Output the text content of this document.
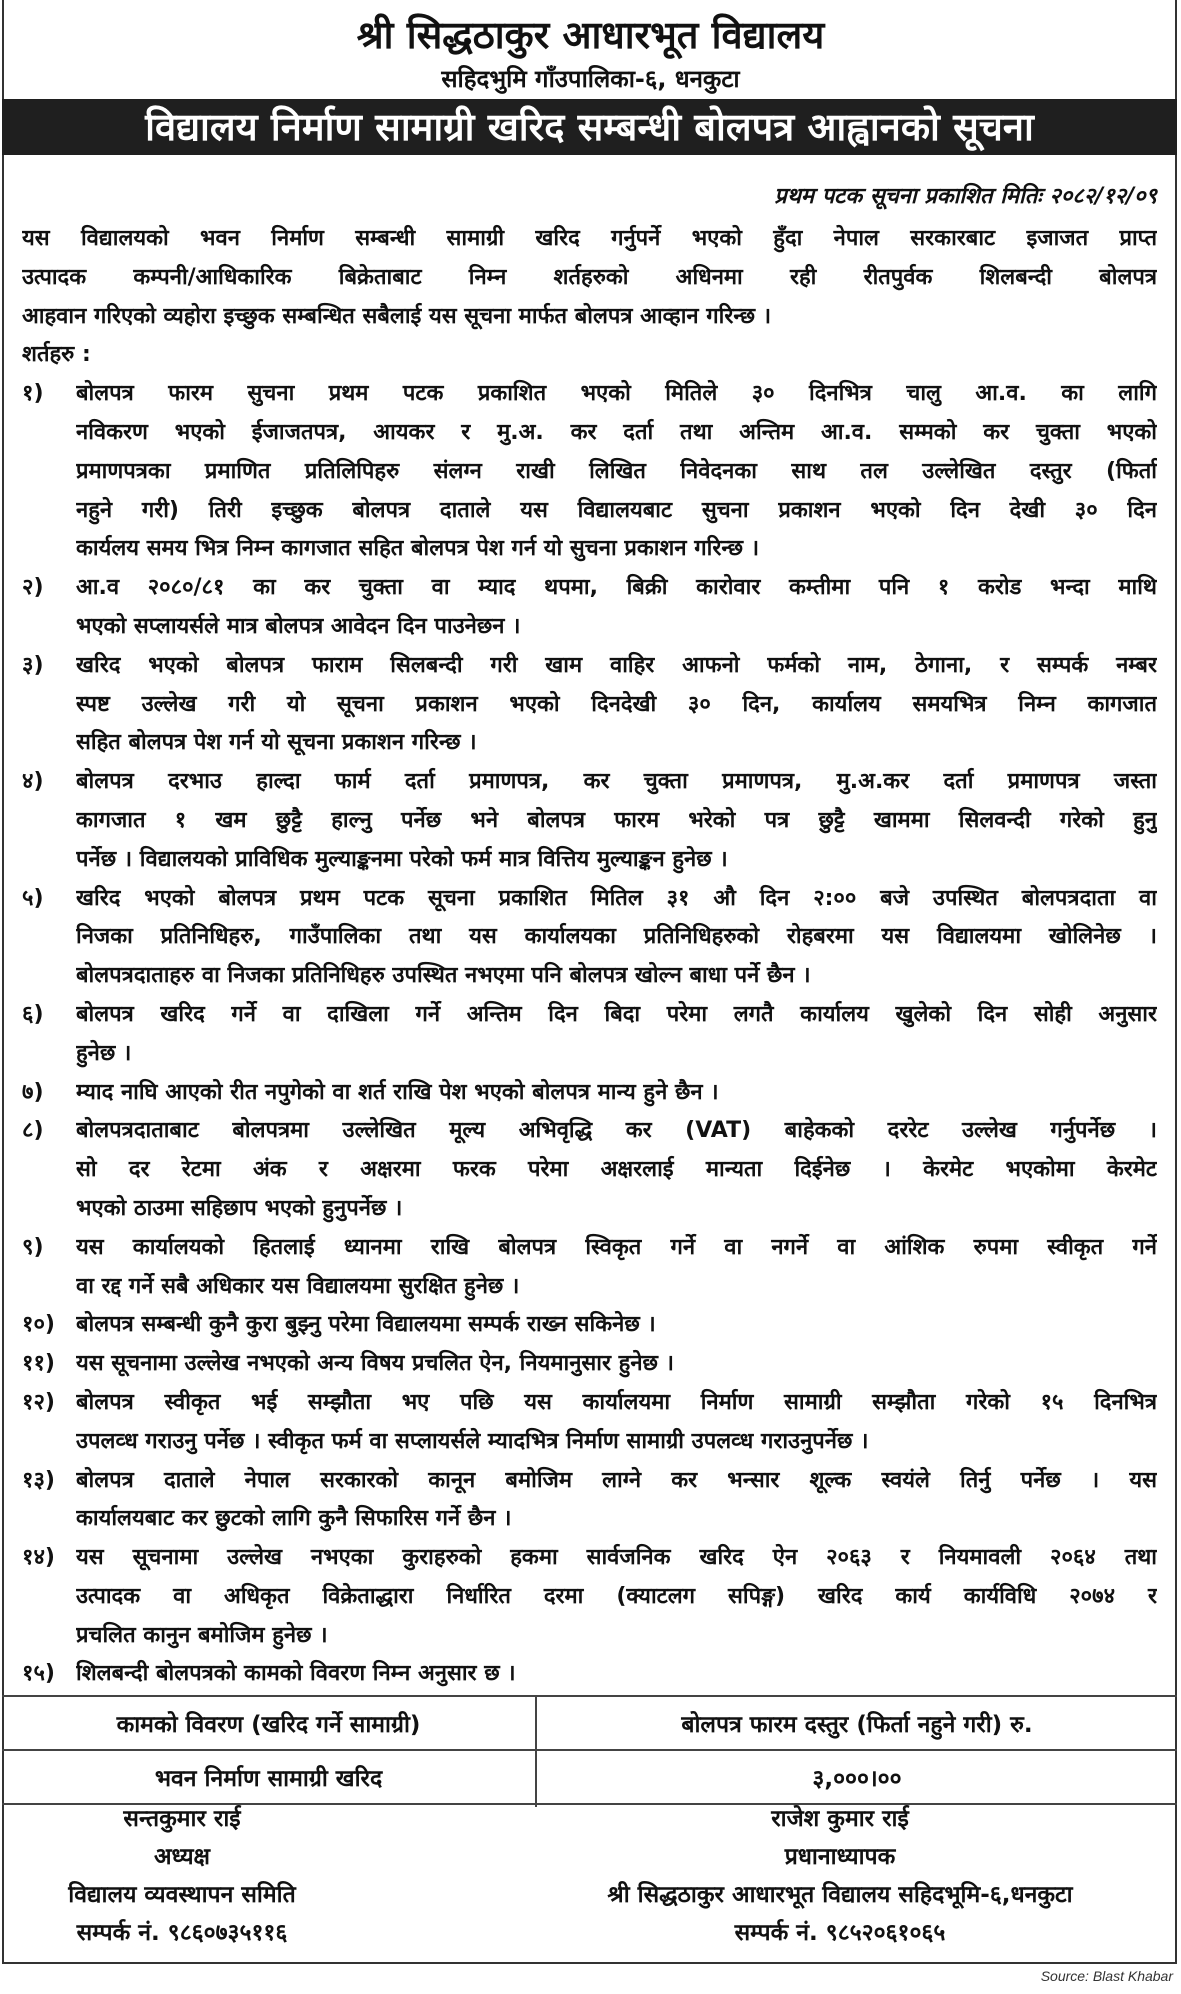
श्री सिद्धठाकुर आधारभूत विद्यालय
सहिदभुमि गाँउपालिका-६, धनकुटा
विद्यालय निर्माण सामाग्री खरिद सम्बन्धी बोलपत्र आह्वानको सूचना
प्रथम पटक सूचना प्रकाशित मितिः २०८२/१२/०९
यस विद्यालयको भवन निर्माण सम्बन्धी सामाग्री खरिद गर्नुपर्ने भएको हुँदा नेपाल सरकारबाट इजाजत प्राप्त
उत्पादक कम्पनी/आधिकारिक बिक्रेताबाट निम्न शर्तहरुको अधिनमा रही रीतपुर्वक शिलबन्दी बोलपत्र
आहवान गरिएको व्यहोरा इच्छुक सम्बन्धित सबैलाई यस सूचना मार्फत बोलपत्र आव्हान गरिन्छ ।
शर्तहरु :
१)	बोलपत्र फारम सुचना प्रथम पटक प्रकाशित भएको मितिले ३० दिनभित्र चालु आ.व. का लागि
नविकरण भएको ईजाजतपत्र, आयकर र मु.अ. कर दर्ता तथा अन्तिम आ.व. सम्मको कर चुक्ता भएको
प्रमाणपत्रका प्रमाणित प्रतिलिपिहरु संलग्न राखी लिखित निवेदनका साथ तल उल्लेखित दस्तुर (फिर्ता
नहुने गरी) तिरी इच्छुक बोलपत्र दाताले यस विद्यालयबाट सुचना प्रकाशन भएको दिन देखी ३० दिन
कार्यलय समय भित्र निम्न कागजात सहित बोलपत्र पेश गर्न यो सुचना प्रकाशन गरिन्छ ।
२)	आ.व २०८०/८१ का कर चुक्ता वा म्याद थपमा, बिक्री कारोवार कम्तीमा पनि १ करोड भन्दा माथि
भएको सप्लायर्सले मात्र बोलपत्र आवेदन दिन पाउनेछन ।
३)	खरिद भएको बोलपत्र फाराम सिलबन्दी गरी खाम वाहिर आफनो फर्मको नाम, ठेगाना, र सम्पर्क नम्बर
स्पष्ट उल्लेख गरी यो सूचना प्रकाशन भएको दिनदेखी ३० दिन, कार्यालय समयभित्र निम्न कागजात
सहित बोलपत्र पेश गर्न यो सूचना प्रकाशन गरिन्छ ।
४)	बोलपत्र दरभाउ हाल्दा फार्म दर्ता प्रमाणपत्र, कर चुक्ता प्रमाणपत्र, मु.अ.कर दर्ता प्रमाणपत्र जस्ता
कागजात १ खम छुट्टै हाल्नु पर्नेछ भने बोलपत्र फारम भरेको पत्र छुट्टै खाममा सिलवन्दी गरेको हुनु
पर्नेछ । विद्यालयको प्राविधिक मुल्याङ्कनमा परेको फर्म मात्र वित्तिय मुल्याङ्कन हुनेछ ।
५)	खरिद भएको बोलपत्र प्रथम पटक सूचना प्रकाशित मितिल ३१ औ दिन २:०० बजे उपस्थित बोलपत्रदाता वा
निजका प्रतिनिधिहरु, गाउँपालिका तथा यस कार्यालयका प्रतिनिधिहरुको रोहबरमा यस विद्यालयमा खोलिनेछ ।
बोलपत्रदाताहरु वा निजका प्रतिनिधिहरु उपस्थित नभएमा पनि बोलपत्र खोल्न बाधा पर्ने छैन ।
६)	बोलपत्र खरिद गर्ने वा दाखिला गर्ने अन्तिम दिन बिदा परेमा लगतै कार्यालय खुलेको दिन सोही अनुसार
हुनेछ ।
७)	म्याद नाघि आएको रीत नपुगेको वा शर्त राखि पेश भएको बोलपत्र मान्य हुने छैन ।
८)	बोलपत्रदाताबाट बोलपत्रमा उल्लेखित मूल्य अभिवृद्धि कर (VAT) बाहेकको दररेट उल्लेख गर्नुपर्नेछ ।
सो दर रेटमा अंक र अक्षरमा फरक परेमा अक्षरलाई मान्यता दिईनेछ । केरमेट भएकोमा केरमेट
भएको ठाउमा सहिछाप भएको हुनुपर्नेछ ।
९)	यस कार्यालयको हितलाई ध्यानमा राखि बोलपत्र स्विकृत गर्ने वा नगर्ने वा आंशिक रुपमा स्वीकृत गर्ने
वा रद्द गर्ने सबै अधिकार यस विद्यालयमा सुरक्षित हुनेछ ।
१०) बोलपत्र सम्बन्धी कुनै कुरा बुझ्नु परेमा विद्यालयमा सम्पर्क राख्न सकिनेछ ।
११) यस सूचनामा उल्लेख नभएको अन्य विषय प्रचलित ऐन, नियमानुसार हुनेछ ।
१२) बोलपत्र स्वीकृत भई सम्झौता भए पछि यस कार्यालयमा निर्माण सामाग्री सम्झौता गरेको १५ दिनभित्र
उपलव्ध गराउनु पर्नेछ । स्वीकृत फर्म वा सप्लायर्सले म्यादभित्र निर्माण सामाग्री उपलव्ध गराउनुपर्नेछ ।
१३) बोलपत्र दाताले नेपाल सरकारको कानून बमोजिम लाग्ने कर भन्सार शूल्क स्वयंले तिर्नु पर्नेछ । यस
कार्यालयबाट कर छुटको लागि कुनै सिफारिस गर्ने छैन ।
१४) यस सूचनामा उल्लेख नभएका कुराहरुको हकमा सार्वजनिक खरिद ऐन २०६३ र नियमावली २०६४ तथा
उत्पादक वा अधिकृत विक्रेताद्धारा निर्धारित दरमा (क्याटलग सपिङ्ग) खरिद कार्य कार्यविधि २०७४ र
प्रचलित कानुन बमोजिम हुनेछ ।
१५) शिलबन्दी बोलपत्रको कामको विवरण निम्न अनुसार छ ।
कामको विवरण (खरिद गर्ने सामाग्री)	बोलपत्र फारम दस्तुर (फिर्ता नहुने गरी) रु.
भवन निर्माण सामाग्री खरिद	३,०००।००

सन्तकुमार राई
अध्यक्ष
विद्यालय व्यवस्थापन समिति
सम्पर्क नं. ९८६०७३५११६
राजेश कुमार राई
प्रधानाध्यापक
श्री सिद्धठाकुर आधारभूत विद्यालय सहिदभूमि-६,धनकुटा
सम्पर्क नं. ९८५२०६१०६५
Source: Blast Khabar
